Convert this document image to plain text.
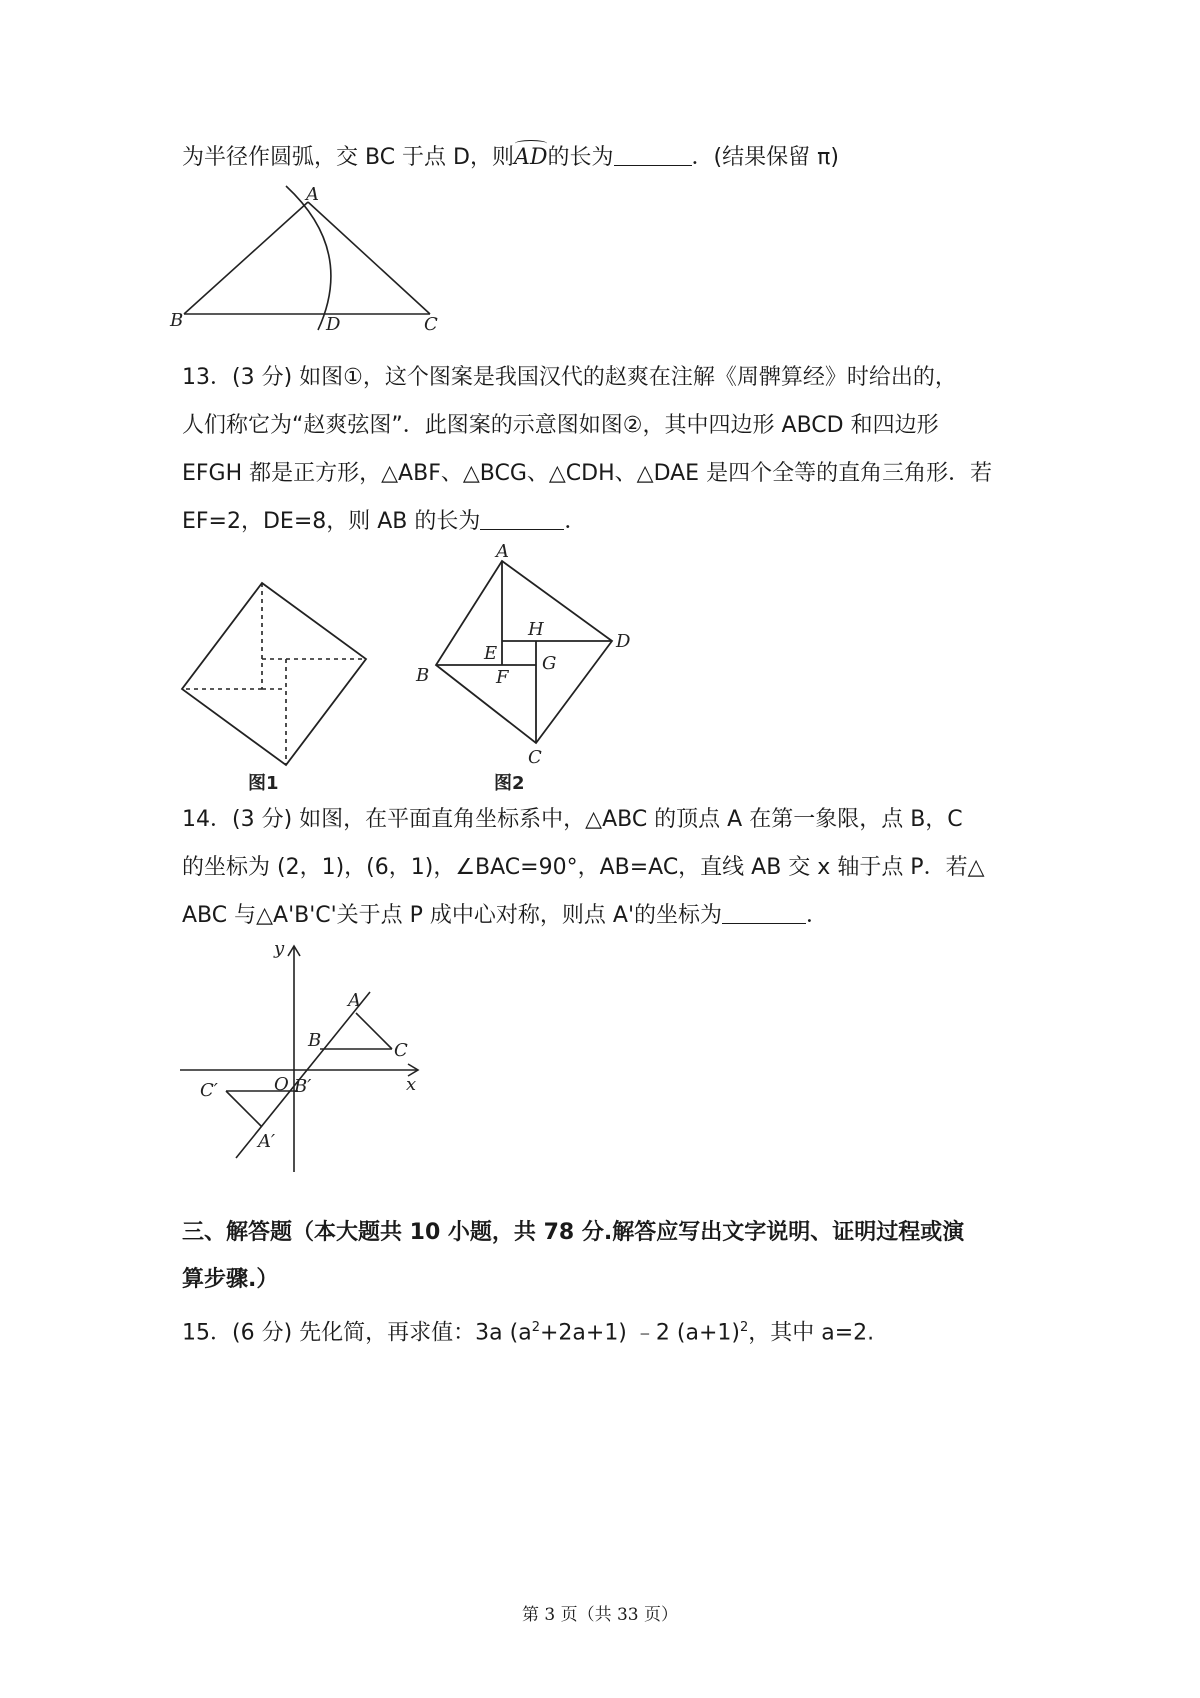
为半径作圆弧，交 BC 于点 D，则AD的长为	．(结果保留 π)
A
B	C
D
13．(3 分) 如图①，这个图案是我国汉代的赵爽在注解《周髀算经》时给出的，
人们称它为“赵爽弦图”．此图案的示意图如图②，其中四边形 ABCD 和四边形
EFGH 都是正方形，△ABF、△BCG、△CDH、△DAE 是四个全等的直角三角形．若
EF=2，DE=8，则 AB 的长为	．
图1
A
B
C
D
E
F
G
H
图2
14．(3 分) 如图，在平面直角坐标系中，△ABC 的顶点 A 在第一象限，点 B，C
的坐标为 (2，1)，(6，1)，∠BAC=90°，AB=AC，直线 AB 交 x 轴于点 P．若△
ABC 与△A'B'C'关于点 P 成中心对称，则点 A'的坐标为	．
y
x
O
A
B	C
A′
B′
C′
三、解答题（本大题共 10 小题，共 78 分.解答应写出文字说明、证明过程或演
算步骤.）
15．(6 分) 先化简，再求值：3a $(a^2+2a+1)$ ﹣2 $(a+1)^2$，其中 a=2.
第 3 页（共 33 页）
